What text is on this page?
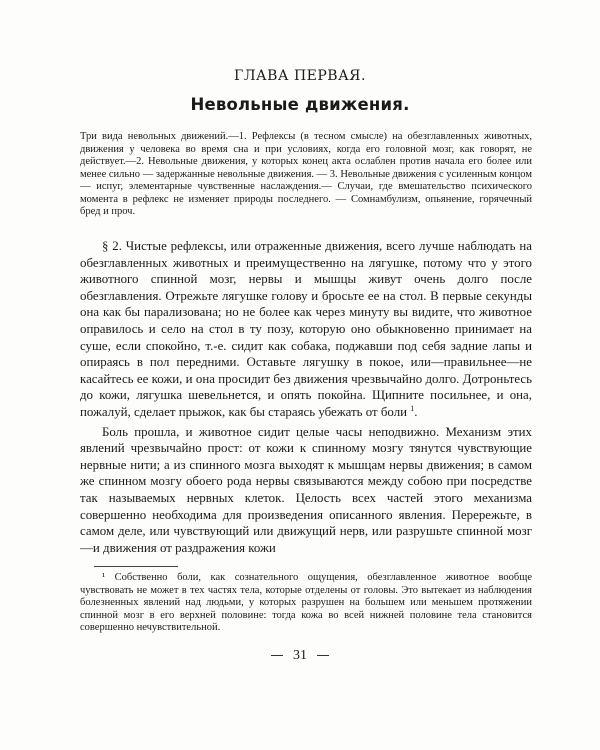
ГЛАВА ПЕРВАЯ.
Невольные движения.

Три вида невольных движений.—1. Рефлексы (в тесном смысле) на обезглавленных животных, движения у человека во время сна и при условиях, когда его головной мозг, как говорят, не действует.—2. Невольные движения, у которых конец акта ослаблен против начала его более или менее сильно — задержанные невольные движения. — 3. Невольные движения с усиленным концом — испуг, элементарные чувственные наслаждения.— Случаи, где вмешательство психического момента в рефлекс не изменяет природы последнего. — Сомнамбулизм, опьянение, горячечный бред и проч.

§ 2. Чистые рефлексы, или отраженные движения, всего лучше наблюдать на обезглавленных животных и преимущественно на лягушке, потому что у этого животного спинной мозг, нервы и мышцы живут очень долго после обезглавления. Отрежьте лягушке голову и бросьте ее на стол. В первые секунды она как бы парализована; но не более как через минуту вы видите, что животное оправилось и село на стол в ту позу, которую оно обыкновенно принимает на суше, если спокойно, т.-е. сидит как собака, поджавши под себя задние лапы и опираясь в пол передними. Оставьте лягушку в покое, или—правильнее—не касайтесь ее кожи, и она просидит без движения чрезвычайно долго. Дотроньтесь до кожи, лягушка шевельнется, и опять покойна. Щипните посильнее, и она, пожалуй, сделает прыжок, как бы стараясь убежать от боли $^1$.

Боль прошла, и животное сидит целые часы неподвижно. Механизм этих явлений чрезвычайно прост: от кожи к спинному мозгу тянутся чувствующие нервные нити; а из спинного мозга выходят к мышцам нервы движения; в самом же спинном мозгу обоего рода нервы связываются между собою при посредстве так называемых нервных клеток. Целость всех частей этого механизма совершенно необходима для произведения описанного явления. Перережьте, в самом деле, или чувствующий или движущий нерв, или разрушьте спинной мозг—и движения от раздражения кожи

¹ Собственно боли, как сознательного ощущения, обезглавленное животное вообще чувствовать не может в тех частях тела, которые отделены от головы. Это вытекает из наблюдения болезненных явлений над людьми, у которых разрушен на большем или меньшем протяжении спинной мозг в его верхней половине: тогда кожа во всей нижней половине тела становится совершенно нечувствительной.
31
